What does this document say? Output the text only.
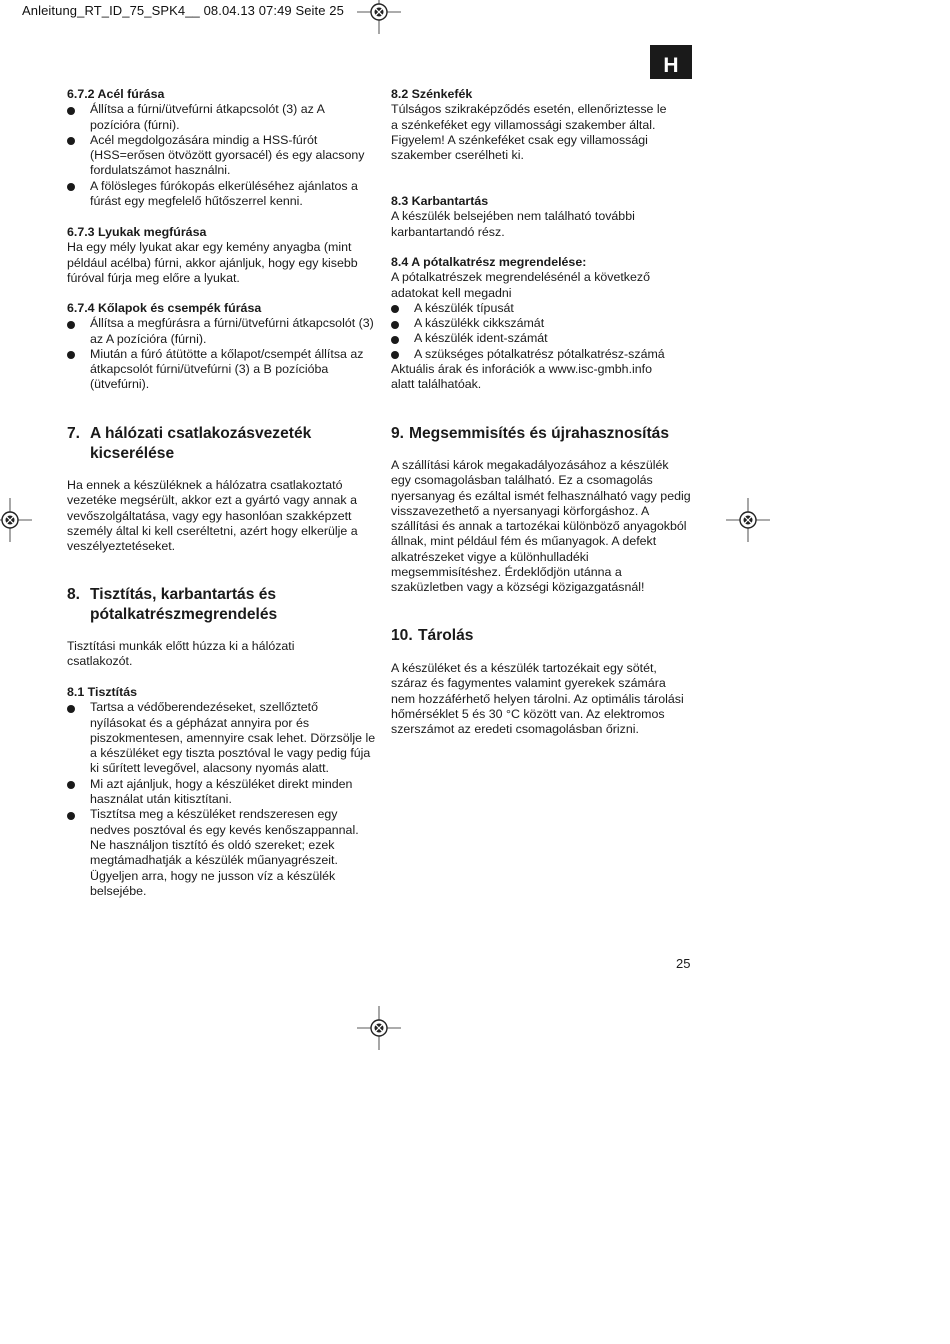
Anleitung_RT_ID_75_SPK4__ 08.04.13 07:49 Seite 25
H

6.7.2 Acél fúrása

Állítsa a fúrni/ütvefúrni átkapcsolót (3) az A pozícióra (fúrni).
Acél megdolgozására mindig a HSS-fúrót (HSS=erősen ötvözött gyorsacél) és egy alacsony fordulatszámot használni.
A fölösleges fúrókopás elkerüléséhez ajánlatos a fúrást egy megfelelő hűtőszerrel kenni.

6.7.3 Lyukak megfúrása

Ha egy mély lyukat akar egy kemény anyagba (mint például acélba) fúrni, akkor ajánljuk, hogy egy kisebb fúróval fúrja meg előre a lyukat.

6.7.4 Kőlapok és csempék fúrása

Állítsa a megfúrásra a fúrni/ütvefúrni átkapcsolót (3) az A pozícióra (fúrni).
Miután a fúró átütötte a kőlapot/csempét állítsa az átkapcsolót fúrni/ütvefúrni (3) a B pozícióba (ütvefúrni).
7. A hálózati csatlakozásvezeték kicserélése

Ha ennek a készüléknek a hálózatra csatlakoztató vezetéke megsérült, akkor ezt a gyártó vagy annak a vevőszolgáltatása, vagy egy hasonlóan szakképzett személy által ki kell cseréltetni, azért hogy elkerülje a veszélyeztetéseket.

8. Tisztítás, karbantartás és pótalkatrészmegrendelés

Tisztítási munkák előtt húzza ki a hálózati csatlakozót.

8.1 Tisztítás

Tartsa a védőberendezéseket, szellőztető nyílásokat és a gépházat annyira por és piszokmentesen, amennyire csak lehet. Dörzsölje le a készüléket egy tiszta posztóval le vagy pedig fúja ki sűrített levegővel, alacsony nyomás alatt.
Mi azt ajánljuk, hogy a készüléket direkt minden használat után kitisztítani.
Tisztítsa meg a készüléket rendszeresen egy nedves posztóval és egy kevés kenőszappannal. Ne használjon tisztító és oldó szereket; ezek megtámadhatják a készülék műanyagrészeit. Ügyeljen arra, hogy ne jusson víz a készülék belsejébe.

8.2 Szénkefék

Túlságos szikraképződés esetén, ellenőriztesse le a szénkeféket egy villamossági szakember által.

Figyelem! A szénkeféket csak egy villamossági szakember cserélheti ki.

8.3 Karbantartás

A készülék belsejében nem található további karbantartandó rész.

8.4 A pótalkatrész megrendelése:

A pótalkatrészek megrendelésénél a következő adatokat kell megadni

A készülék típusát
A kászülékk cikkszámát
A készülék ident-számát
A szükséges pótalkatrész pótalkatrész-számá

Aktuális árak és inforációk a www.isc-gmbh.info alatt találhatóak.

9. Megsemmisítés és újrahasznosítás

A szállítási károk megakadályozásához a készülék egy csomagolásban található. Ez a csomagolás nyersanyag és ezáltal ismét felhasználható vagy pedig visszavezethető a nyersanyagi körforgáshoz. A szállítási és annak a tartozékai különböző anyagokból állnak, mint például fém és műanyagok. A defekt alkatrészeket vigye a különhulladéki megsemmisítéshez. Érdeklődjön utánna a szaküzletben vagy a községi közigazgatásnál!

10. Tárolás

A készüléket és a készülék tartozékait egy sötét, száraz és fagymentes valamint gyerekek számára nem hozzáférhető helyen tárolni. Az optimális tárolási hőmérséklet 5 és 30 °C között van. Az elektromos szerszámot az eredeti csomagolásban őrizni.

25
